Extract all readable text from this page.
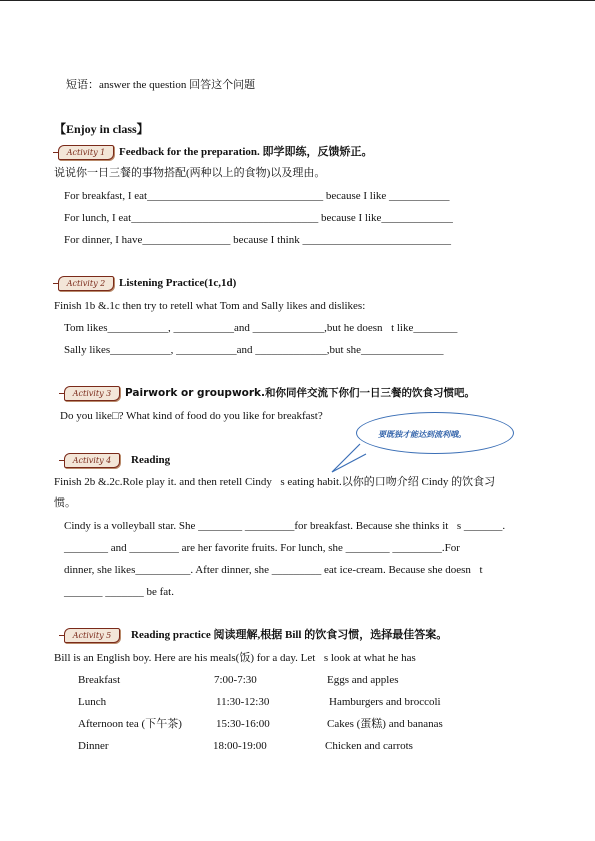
短语：answer the question 回答这个问题
【Enjoy in class】
Activity 1	Feedback for the preparation. 即学即练，反馈矫正。
说说你一日三餐的事物搭配(两种以上的食物)以及理由。
For breakfast, I eat________________________________ because I like ___________
For lunch, I eat__________________________________ because I like_____________
For dinner, I have________________ because I think ___________________________
Activity 2	Listening Practice(1c,1d)
Finish 1b &.1c then try to retell what Tom and Sally likes and dislikes:
Tom likes___________, ___________and _____________,but he doesn t like________
Sally likes___________, ___________and _____________,but she_______________
Activity 3	Pairwork or groupwork.和你同伴交流下你们一日三餐的饮食习惯吧。
Do you like□? What kind of food do you like for breakfast?
要既独才能达到流利哦。
Activity 4	Reading
Finish 2b &.2c.Role play it. and then retell Cindy s eating habit.以你的口吻介绍 Cindy 的饮食习
惯。
Cindy is a volleyball star. She ________ _________for breakfast. Because she thinks it s _______.
________ and _________ are her favorite fruits. For lunch, she ________ _________.For
dinner, she likes__________. After dinner, she _________ eat ice-cream. Because she doesn t
_______ _______ be fat.
Activity 5	Reading practice 阅读理解,根据 Bill 的饮食习惯，选择最佳答案。
Bill is an English boy. Here are his meals(饭) for a day. Let s look at what he has
Breakfast	7:00-7:30	Eggs and apples
Lunch	11:30-12:30	Hamburgers and broccoli
Afternoon tea (下午茶)	15:30-16:00	Cakes (蛋糕) and bananas
Dinner	18:00-19:00	Chicken and carrots
